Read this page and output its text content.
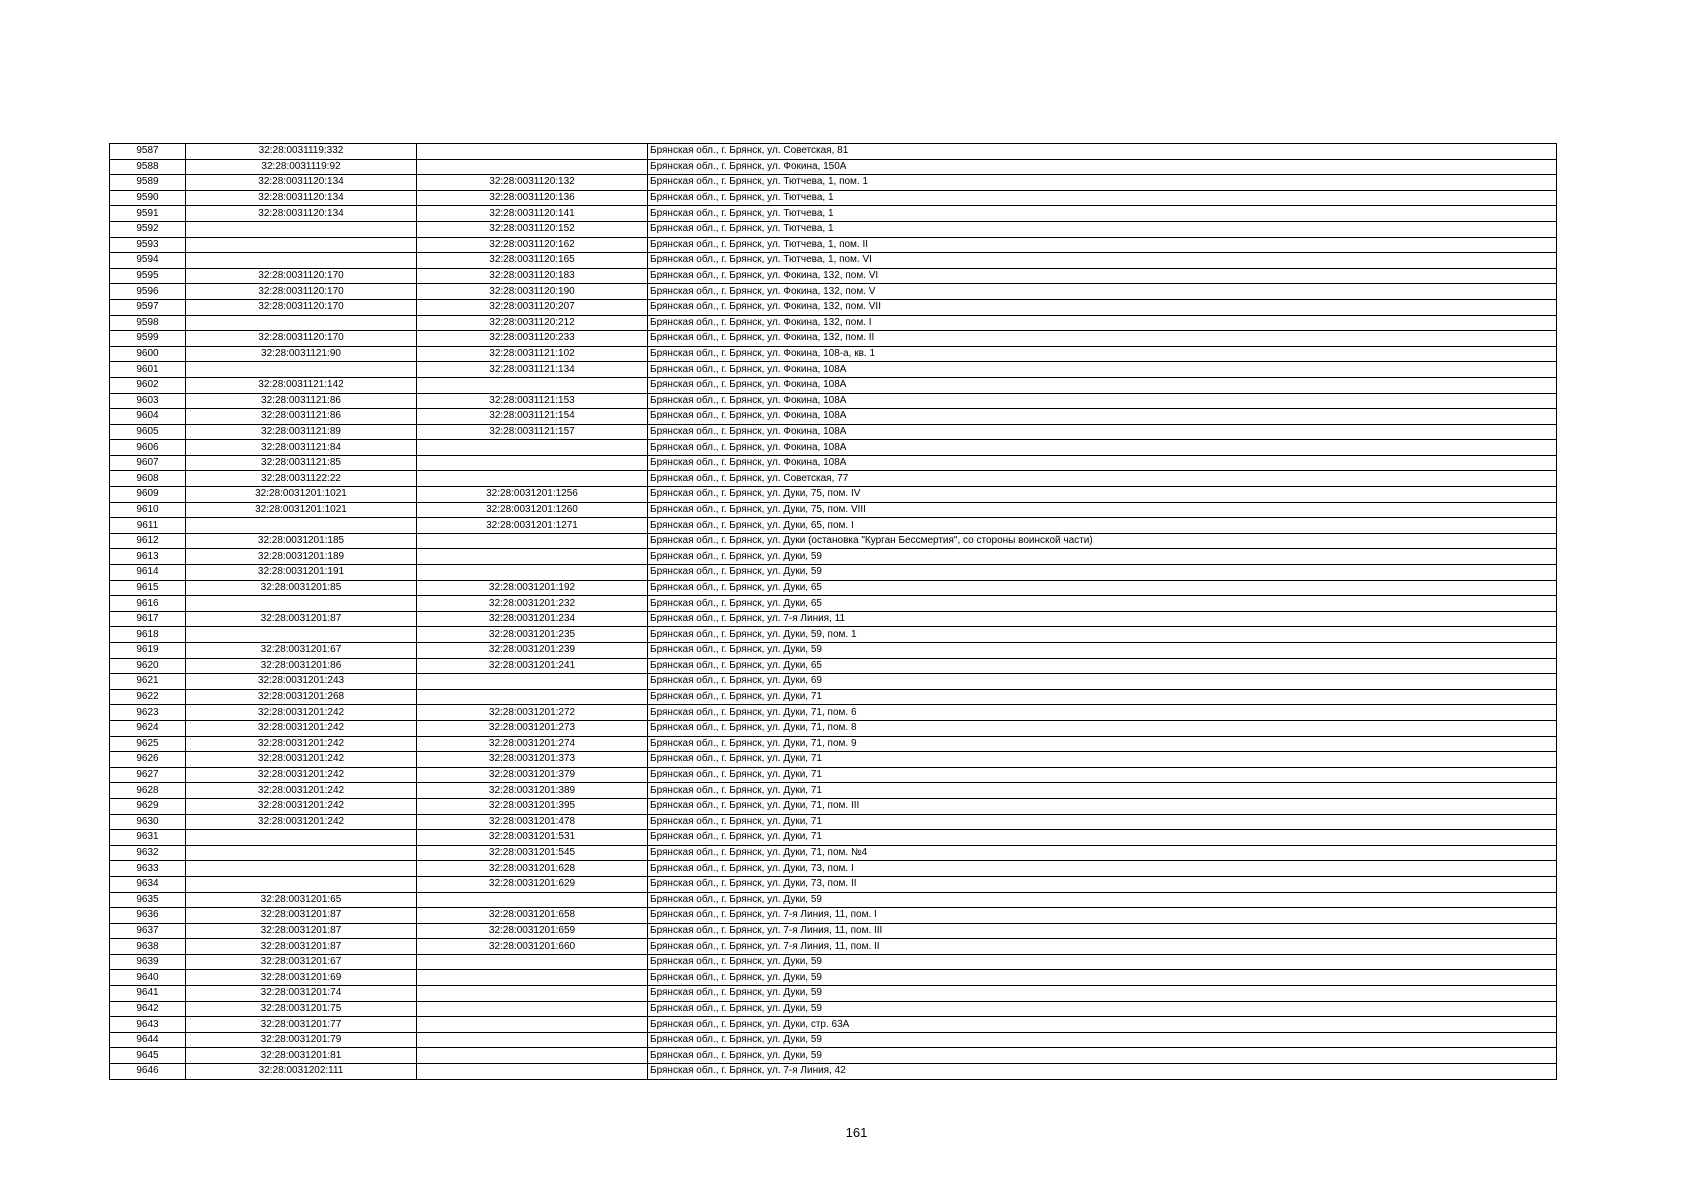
9587	32:28:0031119:332		Брянская обл., г. Брянск, ул. Советская, 81
9588	32:28:0031119:92		Брянская обл., г. Брянск, ул. Фокина, 150А
9589	32:28:0031120:134	32:28:0031120:132	Брянская обл., г. Брянск, ул. Тютчева, 1, пом. 1
9590	32:28:0031120:134	32:28:0031120:136	Брянская обл., г. Брянск, ул. Тютчева, 1
9591	32:28:0031120:134	32:28:0031120:141	Брянская обл., г. Брянск, ул. Тютчева, 1
9592		32:28:0031120:152	Брянская обл., г. Брянск, ул. Тютчева, 1
9593		32:28:0031120:162	Брянская обл., г. Брянск, ул. Тютчева, 1, пом. II
9594		32:28:0031120:165	Брянская обл., г. Брянск, ул. Тютчева, 1, пом. VI
9595	32:28:0031120:170	32:28:0031120:183	Брянская обл., г. Брянск, ул. Фокина, 132, пом. VI
9596	32:28:0031120:170	32:28:0031120:190	Брянская обл., г. Брянск, ул. Фокина, 132, пом. V
9597	32:28:0031120:170	32:28:0031120:207	Брянская обл., г. Брянск, ул. Фокина, 132, пом. VII
9598		32:28:0031120:212	Брянская обл., г. Брянск, ул. Фокина, 132, пом. I
9599	32:28:0031120:170	32:28:0031120:233	Брянская обл., г. Брянск, ул. Фокина, 132, пом. II
9600	32:28:0031121:90	32:28:0031121:102	Брянская обл., г. Брянск, ул. Фокина, 108-а, кв. 1
9601		32:28:0031121:134	Брянская обл., г. Брянск, ул. Фокина, 108А
9602	32:28:0031121:142		Брянская обл., г. Брянск, ул. Фокина, 108А
9603	32:28:0031121:86	32:28:0031121:153	Брянская обл., г. Брянск, ул. Фокина, 108А
9604	32:28:0031121:86	32:28:0031121:154	Брянская обл., г. Брянск, ул. Фокина, 108А
9605	32:28:0031121:89	32:28:0031121:157	Брянская обл., г. Брянск, ул. Фокина, 108А
9606	32:28:0031121:84		Брянская обл., г. Брянск, ул. Фокина, 108А
9607	32:28:0031121:85		Брянская обл., г. Брянск, ул. Фокина, 108А
9608	32:28:0031122:22		Брянская обл., г. Брянск, ул. Советская, 77
9609	32:28:0031201:1021	32:28:0031201:1256	Брянская обл., г. Брянск, ул. Дуки, 75, пом. IV
9610	32:28:0031201:1021	32:28:0031201:1260	Брянская обл., г. Брянск, ул. Дуки, 75, пом. VIII
9611		32:28:0031201:1271	Брянская обл., г. Брянск, ул. Дуки, 65, пом. I
9612	32:28:0031201:185		Брянская обл., г. Брянск, ул. Дуки (остановка "Курган Бессмертия", со стороны воинской части)
9613	32:28:0031201:189		Брянская обл., г. Брянск, ул. Дуки, 59
9614	32:28:0031201:191		Брянская обл., г. Брянск, ул. Дуки, 59
9615	32:28:0031201:85	32:28:0031201:192	Брянская обл., г. Брянск, ул. Дуки, 65
9616		32:28:0031201:232	Брянская обл., г. Брянск, ул. Дуки, 65
9617	32:28:0031201:87	32:28:0031201:234	Брянская обл., г. Брянск, ул. 7-я Линия, 11
9618		32:28:0031201:235	Брянская обл., г. Брянск, ул. Дуки, 59, пом. 1
9619	32:28:0031201:67	32:28:0031201:239	Брянская обл., г. Брянск, ул. Дуки, 59
9620	32:28:0031201:86	32:28:0031201:241	Брянская обл., г. Брянск, ул. Дуки, 65
9621	32:28:0031201:243		Брянская обл., г. Брянск, ул. Дуки, 69
9622	32:28:0031201:268		Брянская обл., г. Брянск, ул. Дуки, 71
9623	32:28:0031201:242	32:28:0031201:272	Брянская обл., г. Брянск, ул. Дуки, 71, пом. 6
9624	32:28:0031201:242	32:28:0031201:273	Брянская обл., г. Брянск, ул. Дуки, 71, пом. 8
9625	32:28:0031201:242	32:28:0031201:274	Брянская обл., г. Брянск, ул. Дуки, 71, пом. 9
9626	32:28:0031201:242	32:28:0031201:373	Брянская обл., г. Брянск, ул. Дуки, 71
9627	32:28:0031201:242	32:28:0031201:379	Брянская обл., г. Брянск, ул. Дуки, 71
9628	32:28:0031201:242	32:28:0031201:389	Брянская обл., г. Брянск, ул. Дуки, 71
9629	32:28:0031201:242	32:28:0031201:395	Брянская обл., г. Брянск, ул. Дуки, 71, пом. III
9630	32:28:0031201:242	32:28:0031201:478	Брянская обл., г. Брянск, ул. Дуки, 71
9631		32:28:0031201:531	Брянская обл., г. Брянск, ул. Дуки, 71
9632		32:28:0031201:545	Брянская обл., г. Брянск, ул. Дуки, 71, пом. №4
9633		32:28:0031201:628	Брянская обл., г. Брянск, ул. Дуки, 73, пом. I
9634		32:28:0031201:629	Брянская обл., г. Брянск, ул. Дуки, 73, пом. II
9635	32:28:0031201:65		Брянская обл., г. Брянск, ул. Дуки, 59
9636	32:28:0031201:87	32:28:0031201:658	Брянская обл., г. Брянск, ул. 7-я Линия, 11, пом. I
9637	32:28:0031201:87	32:28:0031201:659	Брянская обл., г. Брянск, ул. 7-я Линия, 11, пом. III
9638	32:28:0031201:87	32:28:0031201:660	Брянская обл., г. Брянск, ул. 7-я Линия, 11, пом. II
9639	32:28:0031201:67		Брянская обл., г. Брянск, ул. Дуки, 59
9640	32:28:0031201:69		Брянская обл., г. Брянск, ул. Дуки, 59
9641	32:28:0031201:74		Брянская обл., г. Брянск, ул. Дуки, 59
9642	32:28:0031201:75		Брянская обл., г. Брянск, ул. Дуки, 59
9643	32:28:0031201:77		Брянская обл., г. Брянск, ул. Дуки, стр. 63А
9644	32:28:0031201:79		Брянская обл., г. Брянск, ул. Дуки, 59
9645	32:28:0031201:81		Брянская обл., г. Брянск, ул. Дуки, 59
9646	32:28:0031202:111		Брянская обл., г. Брянск, ул. 7-я Линия, 42
161
